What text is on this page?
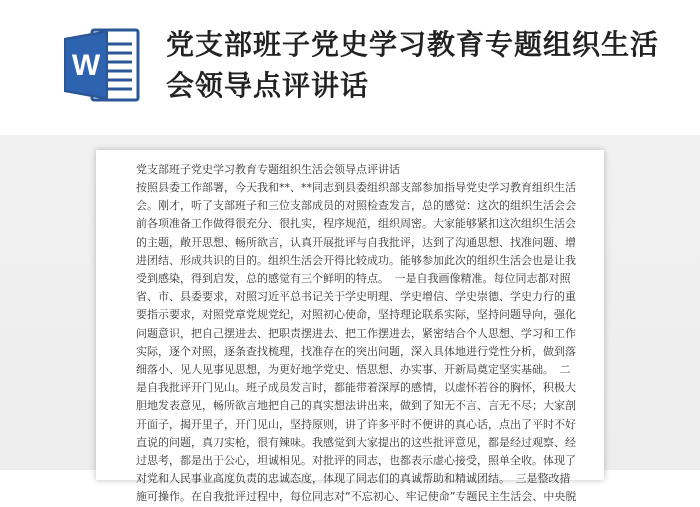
W
党支部班子党史学习教育专题组织生活会领导点评讲话
党支部班子党史学习教育专题组织生活会领导点评讲话
按照县委工作部署，今天我和**、**同志到县委组织部支部参加指导党史学习教育组织生活
会。刚才，听了支部班子和三位支部成员的对照检查发言，总的感觉：这次的组织生活会会
前各项准备工作做得很充分、很扎实，程序规范，组织周密。大家能够紧扣这次组织生活会
的主题，敞开思想、畅所欲言，认真开展批评与自我批评，达到了沟通思想、找准问题、增
进团结、形成共识的目的。组织生活会开得比较成功。能够参加此次的组织生活会也是让我
受到感染，得到启发，总的感觉有三个鲜明的特点。　一是自我画像精准。每位同志都对照
省、市、县委要求，对照习近平总书记关于学史明理、学史增信、学史崇德、学史力行的重
要指示要求，对照党章党规党纪，对照初心使命，坚持理论联系实际，坚持问题导向，强化
问题意识，把自己摆进去、把职责摆进去、把工作摆进去，紧密结合个人思想、学习和工作
实际，逐个对照，逐条查找梳理，找准存在的突出问题，深入具体地进行党性分析，做到落
细落小、见人见事见思想，为更好地学党史、悟思想、办实事、开新局奠定坚实基础。　二
是自我批评开门见山。班子成员发言时，都能带着深厚的感情，以虚怀若谷的胸怀，积极大
胆地发表意见，畅所欲言地把自己的真实想法讲出来，做到了知无不言、言无不尽；大家剖
开面子，揭开里子，开门见山，坚持原则，讲了许多平时不便讲的真心话，点出了平时不好
直说的问题，真刀实枪，很有辣味。我感觉到大家提出的这些批评意见，都是经过观察、经
过思考，都是出于公心，坦诚相见。对批评的同志，也都表示虚心接受，照单全收。体现了
对党和人民事业高度负责的忠诚态度，体现了同志们的真诚帮助和精诚团结。　三是整改措
施可操作。在自我批评过程中，每位同志对“不忘初心、牢记使命”专题民主生活会、中央脱
